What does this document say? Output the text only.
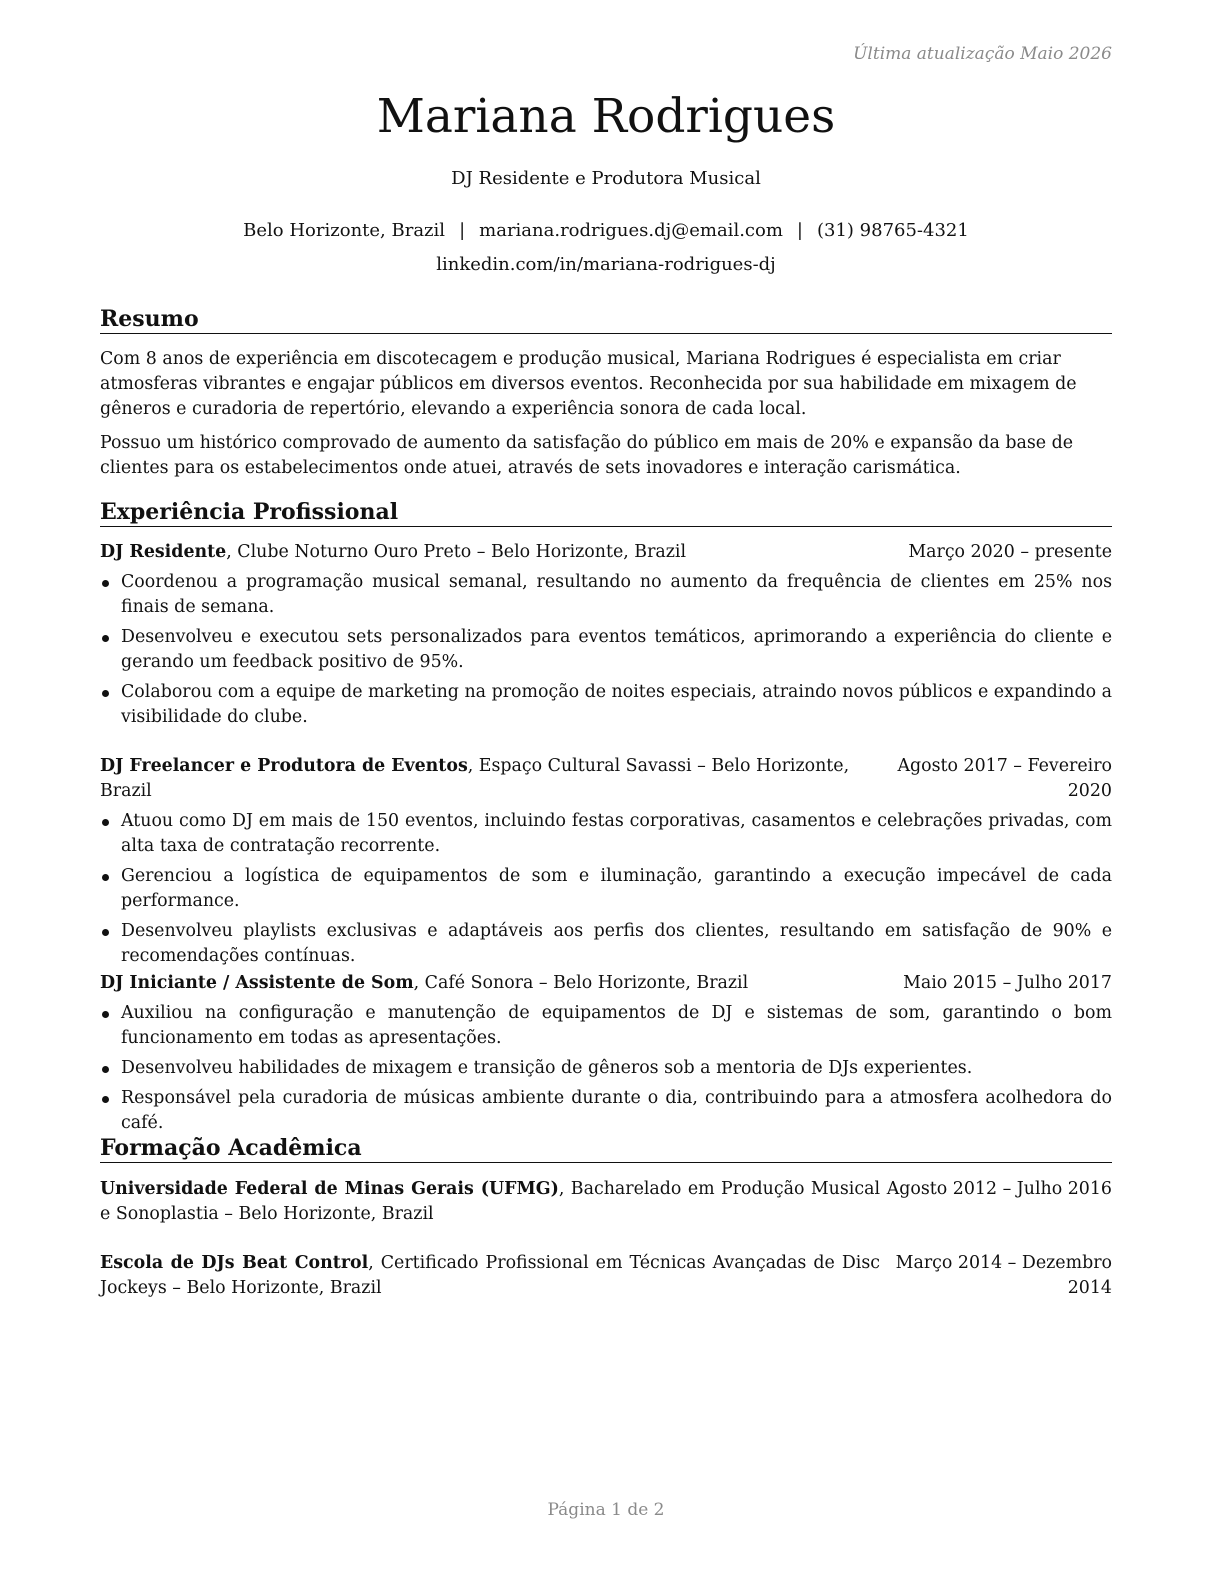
Última atualização Maio 2026
Mariana Rodrigues
DJ Residente e Produtora Musical
Belo Horizonte, Brazil | mariana.rodrigues.dj@email.com | (31) 98765-4321
linkedin.com/in/mariana-rodrigues-dj
Resumo

Com 8 anos de experiência em discotecagem e produção musical, Mariana Rodrigues é especialista em criar atmosferas vibrantes e engajar públicos em diversos eventos. Reconhecida por sua habilidade em mixagem de gêneros e curadoria de repertório, elevando a experiência sonora de cada local.

Possuo um histórico comprovado de aumento da satisfação do público em mais de 20% e expansão da base de clientes para os estabelecimentos onde atuei, através de sets inovadores e interação carismática.

Experiência Profissional
DJ Residente, Clube Noturno Ouro Preto – Belo Horizonte, Brazil	Março 2020 – presente
Coordenou a programação musical semanal, resultando no aumento da frequência de clientes em 25% nos finais de semana.
Desenvolveu e executou sets personalizados para eventos temáticos, aprimorando a experiência do cliente e gerando um feedback positivo de 95%.
Colaborou com a equipe de marketing na promoção de noites especiais, atraindo novos públicos e expandindo a visibilidade do clube.
DJ Freelancer e Produtora de Eventos, Espaço Cultural Savassi – Belo Horizonte, Brazil
Agosto 2017 – Fevereiro 2020
Atuou como DJ em mais de 150 eventos, incluindo festas corporativas, casamentos e celebrações privadas, com alta taxa de contratação recorrente.
Gerenciou a logística de equipamentos de som e iluminação, garantindo a execução impecável de cada performance.
Desenvolveu playlists exclusivas e adaptáveis aos perfis dos clientes, resultando em satisfação de 90% e recomendações contínuas.
DJ Iniciante / Assistente de Som, Café Sonora – Belo Horizonte, Brazil	Maio 2015 – Julho 2017
Auxiliou na configuração e manutenção de equipamentos de DJ e sistemas de som, garantindo o bom funcionamento em todas as apresentações.
Desenvolveu habilidades de mixagem e transição de gêneros sob a mentoria de DJs experientes.
Responsável pela curadoria de músicas ambiente durante o dia, contribuindo para a atmosfera acolhedora do café.
Formação Acadêmica
Universidade Federal de Minas Gerais (UFMG), Bacharelado em Produção Musical e Sonoplastia – Belo Horizonte, Brazil
Agosto 2012 – Julho 2016
Escola de DJs Beat Control, Certificado Profissional em Técnicas Avançadas de Disc Jockeys – Belo Horizonte, Brazil
Março 2014 – Dezembro 2014
Página 1 de 2
